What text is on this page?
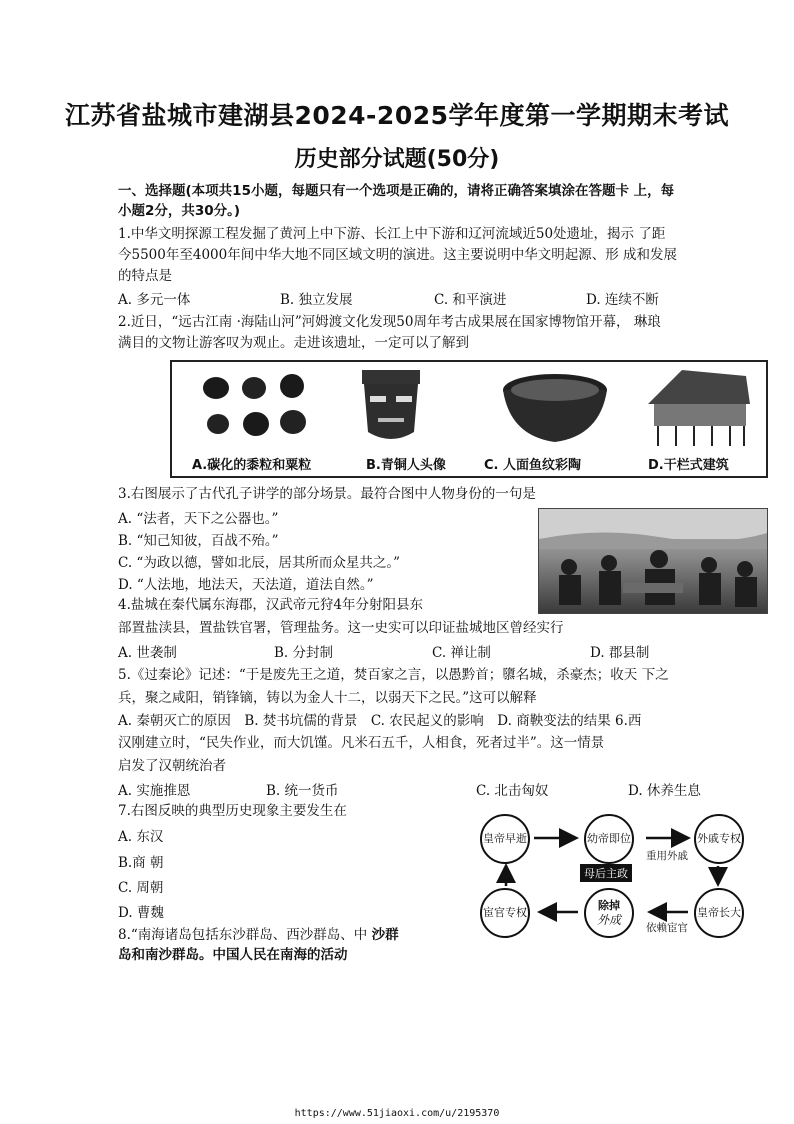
江苏省盐城市建湖县2024-2025学年度第一学期期末考试
历史部分试题(50分)
一、选择题(本项共15小题，每题只有一个选项是正确的，请将正确答案填涂在答题卡 上，每
小题2分，共30分。)
1.中华文明探源工程发掘了黄河上中下游、长江上中下游和辽河流域近50处遗址，揭示 了距
今5500年至4000年间中华大地不同区域文明的演进。这主要说明中华文明起源、形 成和发展
的特点是
A. 多元一体	B. 独立发展	C. 和平演进	D. 连续不断
2.近日，“远古江南 ·海陆山河”河姆渡文化发现50周年考古成果展在国家博物馆开幕， 琳琅
满目的文物让游客叹为观止。走进该遗址，一定可以了解到
A.碳化的黍粒和粟粒	B.青铜人头像	C. 人面鱼纹彩陶	D.干栏式建筑
3.右图展示了古代孔子讲学的部分场景。最符合图中人物身份的一句是
A. “法者，天下之公器也。”
B. “知己知彼，百战不殆。”
C. “为政以德，譬如北辰，居其所而众星共之。”
D. “人法地，地法天，天法道，道法自然。”
4.盐城在秦代属东海郡，汉武帝元狩4年分射阳县东
部置盐渎县，置盐铁官署，管理盐务。这一史实可以印证盐城地区曾经实行
A. 世袭制	B. 分封制	C. 禅让制	D. 郡县制
5.《过秦论》记述：“于是废先王之道，焚百家之言，以愚黔首；隳名城，杀豪杰；收天 下之
兵，聚之咸阳，销锋镝，铸以为金人十二，以弱天下之民。”这可以解释
A. 秦朝灭亡的原因　B. 焚书坑儒的背景　C. 农民起义的影响　D. 商鞅变法的结果 6.西
汉刚建立时，“民失作业，而大饥馑。凡米石五千，人相食，死者过半”。这一情景
启发了汉朝统治者
A. 实施推恩	B. 统一货币	C. 北击匈奴	D. 休养生息
7.右图反映的典型历史现象主要发生在
A. 东汉
B.商 朝
C. 周朝
D. 曹魏
皇帝早逝	幼帝即位	外戚专权
皇帝长大
除掉
外成
宦官专权
母后主政
重用外戚
依赖宦官
8.“南海诸岛包括东沙群岛、西沙群岛、中 沙群
岛和南沙群岛。中国人民在南海的活动
https://www.51jiaoxi.com/u/2195370
